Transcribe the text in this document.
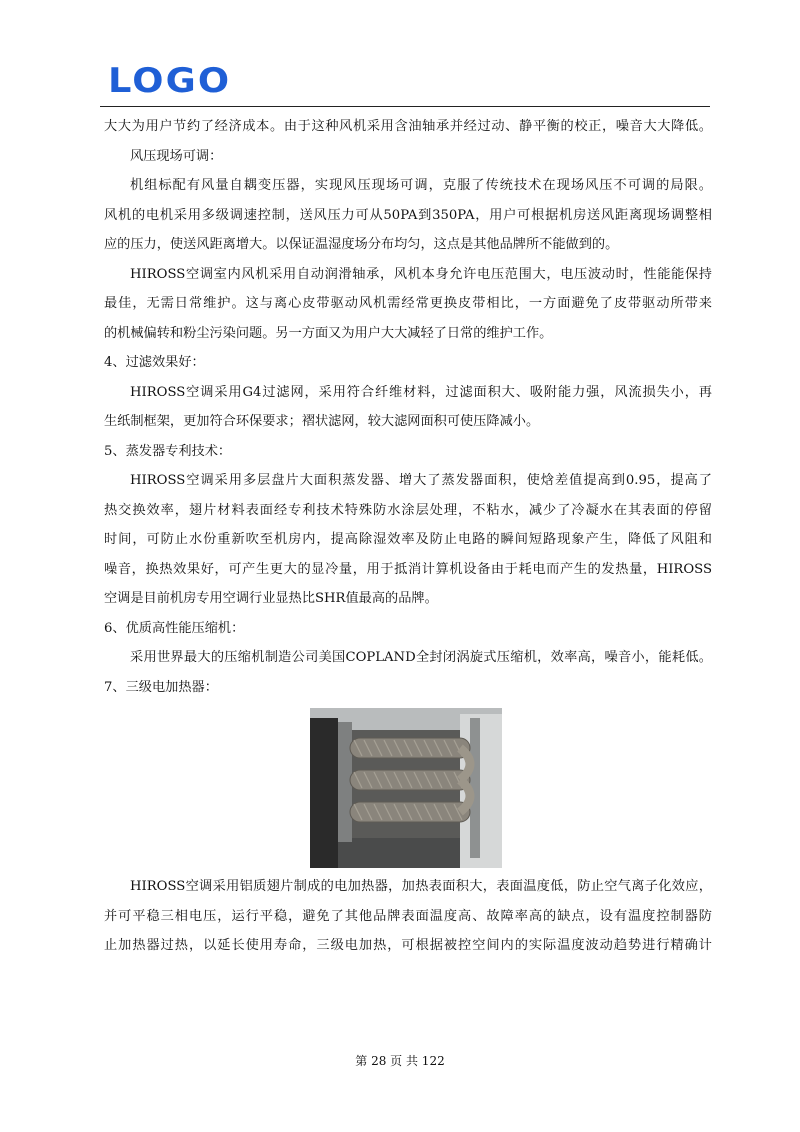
LOGO
大大为用户节约了经济成本。由于这种风机采用含油轴承并经过动、静平衡的校正，噪音大大降低。
风压现场可调：
机组标配有风量自耦变压器，实现风压现场可调，克服了传统技术在现场风压不可调的局限。
风机的电机采用多级调速控制，送风压力可从50PA到350PA，用户可根据机房送风距离现场调整相
应的压力，使送风距离增大。以保证温湿度场分布均匀，这点是其他品牌所不能做到的。
HIROSS空调室内风机采用自动润滑轴承，风机本身允许电压范围大，电压波动时，性能能保持
最佳，无需日常维护。这与离心皮带驱动风机需经常更换皮带相比，一方面避免了皮带驱动所带来
的机械偏转和粉尘污染问题。另一方面又为用户大大减轻了日常的维护工作。
4、过滤效果好：
HIROSS空调采用G4过滤网，采用符合纤维材料，过滤面积大、吸附能力强，风流损失小，再
生纸制框架，更加符合环保要求；褶状滤网，较大滤网面积可使压降减小。
5、蒸发器专利技术：
HIROSS空调采用多层盘片大面积蒸发器、增大了蒸发器面积，使焓差值提高到0.95，提高了
热交换效率，翅片材料表面经专利技术特殊防水涂层处理，不粘水，减少了冷凝水在其表面的停留
时间，可防止水份重新吹至机房内，提高除湿效率及防止电路的瞬间短路现象产生，降低了风阻和
噪音，换热效果好，可产生更大的显冷量，用于抵消计算机设备由于耗电而产生的发热量，HIROSS
空调是目前机房专用空调行业显热比SHR值最高的品牌。
6、优质高性能压缩机：
采用世界最大的压缩机制造公司美国COPLAND全封闭涡旋式压缩机，效率高，噪音小，能耗低。
7、三级电加热器：
HIROSS空调采用铝质翅片制成的电加热器，加热表面积大，表面温度低，防止空气离子化效应，
并可平稳三相电压，运行平稳，避免了其他品牌表面温度高、故障率高的缺点，设有温度控制器防
止加热器过热，以延长使用寿命，三级电加热，可根据被控空间内的实际温度波动趋势进行精确计
第 28 页 共 122
